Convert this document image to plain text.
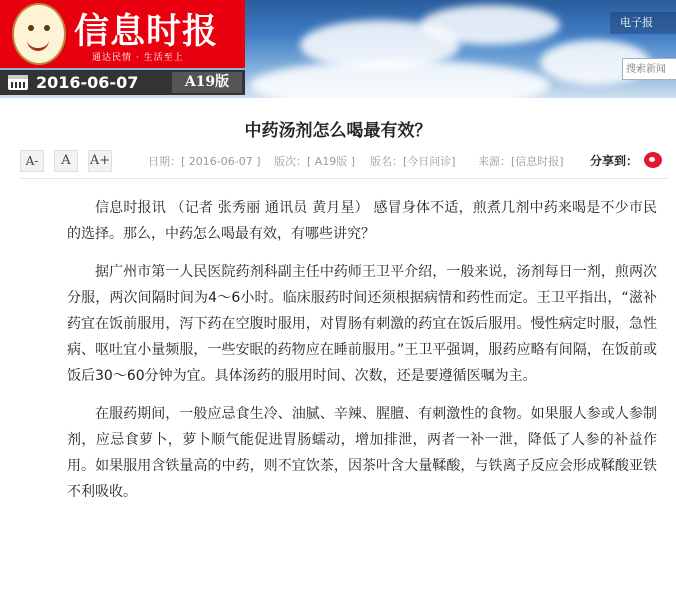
信息时报
通达民情 · 生活至上
电子报
搜索新闻
2016-06-07	A19版
中药汤剂怎么喝最有效？
A-	A	A+	日期：[ 2016-06-07 ] 版次：[ A19版 ] 版名：[今日问诊] 来源：[信息时报] 分享到：

信息时报讯 （记者 张秀丽 通讯员 黄月星） 感冒身体不适，煎煮几剂中药来喝是不少市民的选择。那么，中药怎么喝最有效，有哪些讲究？

据广州市第一人民医院药剂科副主任中药师王卫平介绍，一般来说，汤剂每日一剂，煎两次分服，两次间隔时间为4～6小时。临床服药时间还须根据病情和药性而定。王卫平指出，“滋补药宜在饭前服用，泻下药在空腹时服用，对胃肠有刺激的药宜在饭后服用。慢性病定时服，急性病、呕吐宜小量频服，一些安眠的药物应在睡前服用。”王卫平强调，服药应略有间隔，在饭前或饭后30～60分钟为宜。具体汤药的服用时间、次数，还是要遵循医嘱为主。

在服药期间，一般应忌食生冷、油腻、辛辣、腥膻、有刺激性的食物。如果服人参或人参制剂，应忌食萝卜，萝卜顺气能促进胃肠蠕动，增加排泄，两者一补一泄，降低了人参的补益作用。如果服用含铁量高的中药，则不宜饮茶，因茶叶含大量鞣酸，与铁离子反应会形成鞣酸亚铁不利吸收。
